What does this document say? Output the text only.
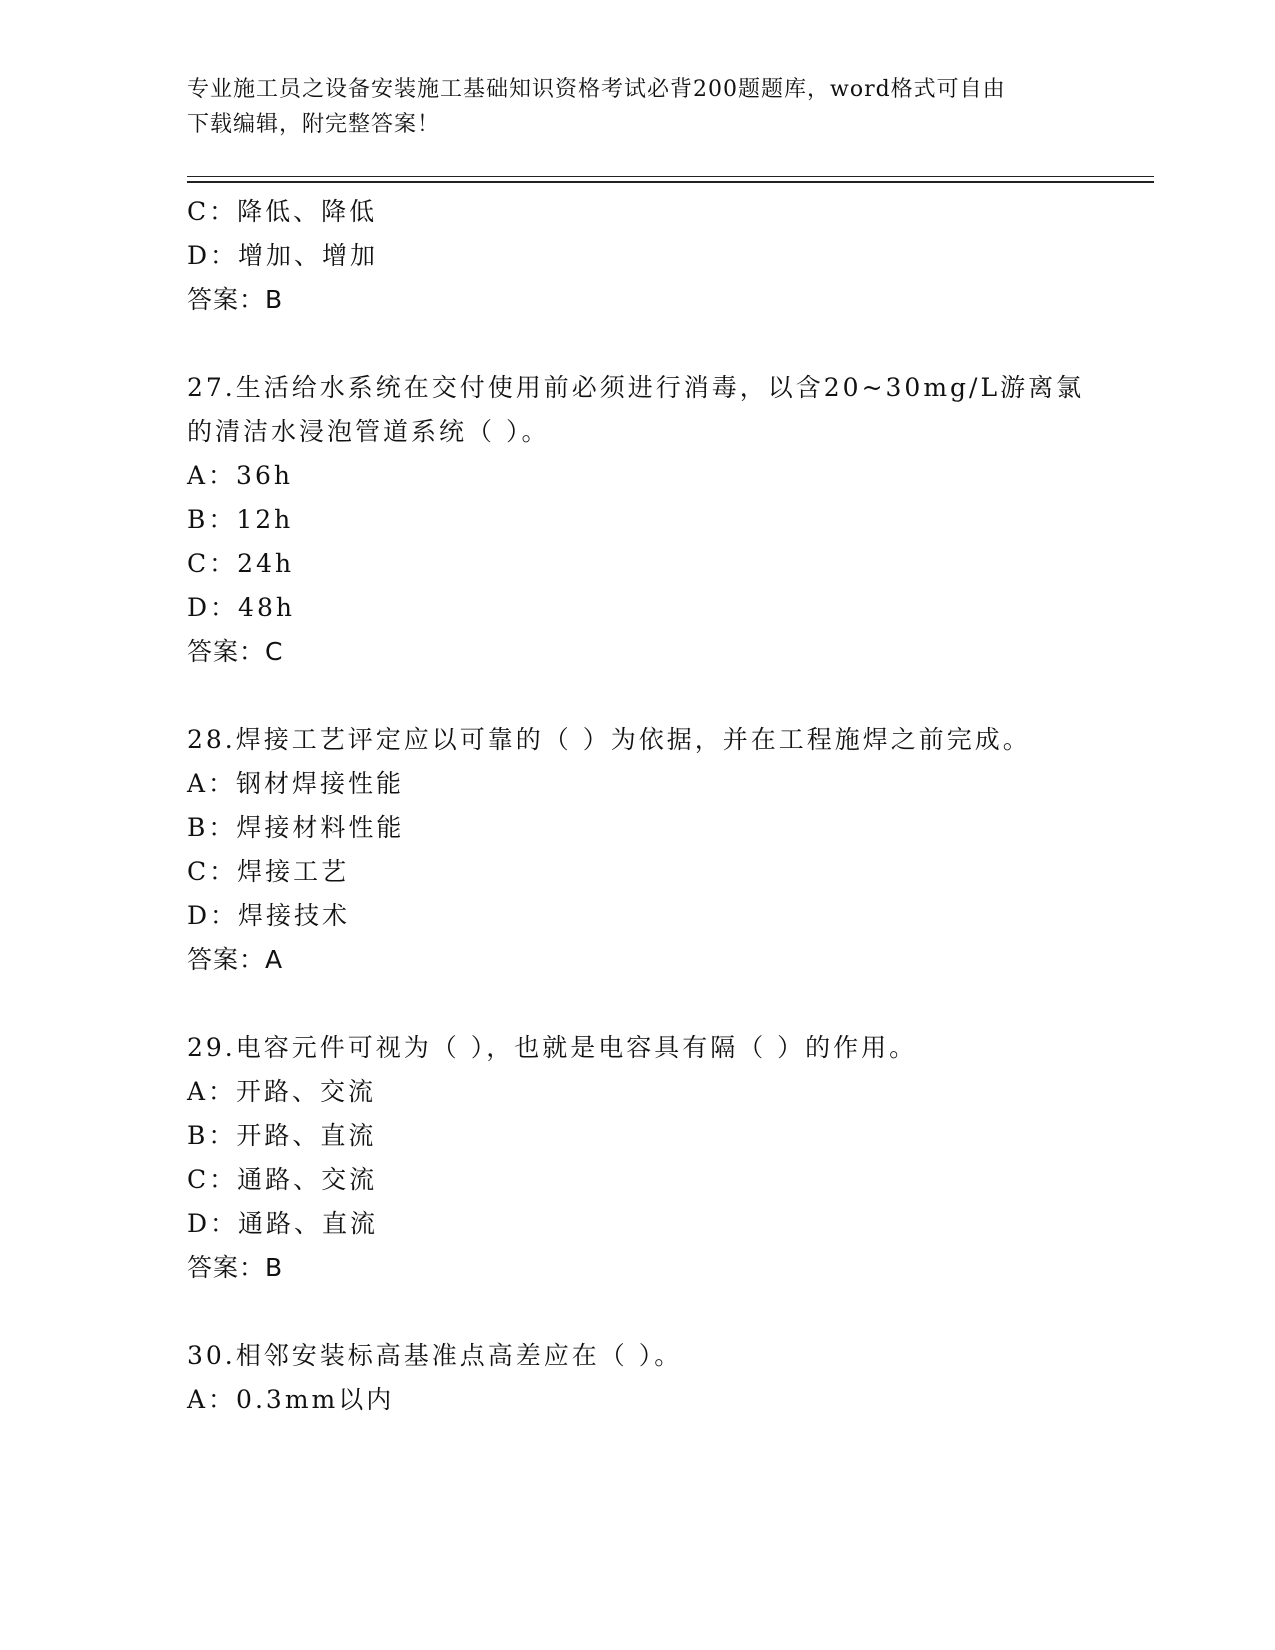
专业施工员之设备安装施工基础知识资格考试必背200题题库，word格式可自由
下载编辑，附完整答案！
C：降低、降低
D：增加、增加
答案：B
27.生活给水系统在交付使用前必须进行消毒，以含20~30mg/L游离氯
的清洁水浸泡管道系统（ ）。
A：36h
B：12h
C：24h
D：48h
答案：C
28.焊接工艺评定应以可靠的（ ）为依据，并在工程施焊之前完成。
A：钢材焊接性能
B：焊接材料性能
C：焊接工艺
D：焊接技术
答案：A
29.电容元件可视为（ ），也就是电容具有隔（ ）的作用。
A：开路、交流
B：开路、直流
C：通路、交流
D：通路、直流
答案：B
30.相邻安装标高基准点高差应在（ ）。
A：0.3mm以内
